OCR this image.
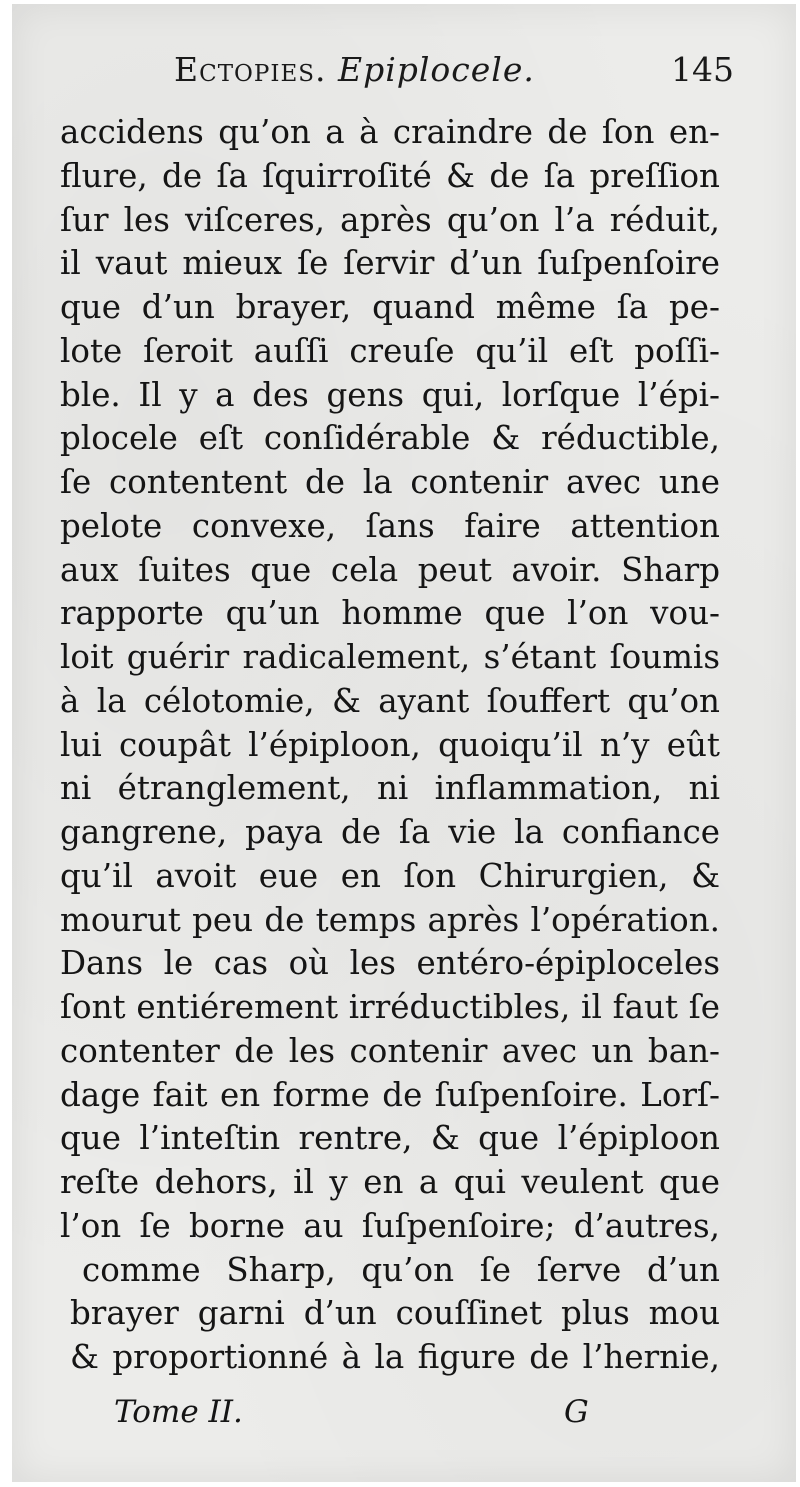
Ectopies. Epiplocele.	145
accidens qu’on a à craindre de ſon en-
flure, de ſa ſquirroſité & de ſa preſſion
ſur les viſceres, après qu’on l’a réduit,
il vaut mieux ſe ſervir d’un ſuſpenſoire
que d’un brayer, quand même ſa pe-
lote ſeroit auſſi creuſe qu’il eſt poſſi-
ble. Il y a des gens qui, lorſque l’épi-
plocele eſt conſidérable & réductible,
ſe contentent de la contenir avec une
pelote convexe, ſans faire attention
aux ſuites que cela peut avoir. Sharp
rapporte qu’un homme que l’on vou-
loit guérir radicalement, s’étant ſoumis
à la célotomie, & ayant ſouffert qu’on
lui coupât l’épiploon, quoiqu’il n’y eût
ni étranglement, ni inflammation, ni
gangrene, paya de ſa vie la confiance
qu’il avoit eue en ſon Chirurgien, &
mourut peu de temps après l’opération.
Dans le cas où les entéro-épiploceles
ſont entiérement irréductibles, il faut ſe
contenter de les contenir avec un ban-
dage fait en forme de ſuſpenſoire. Lorſ-
que l’inteſtin rentre, & que l’épiploon
reſte dehors, il y en a qui veulent que
l’on ſe borne au ſuſpenſoire; d’autres,
comme Sharp, qu’on ſe ſerve d’un
brayer garni d’un couſſinet plus mou
& proportionné à la figure de l’hernie,
Tome II.	G
